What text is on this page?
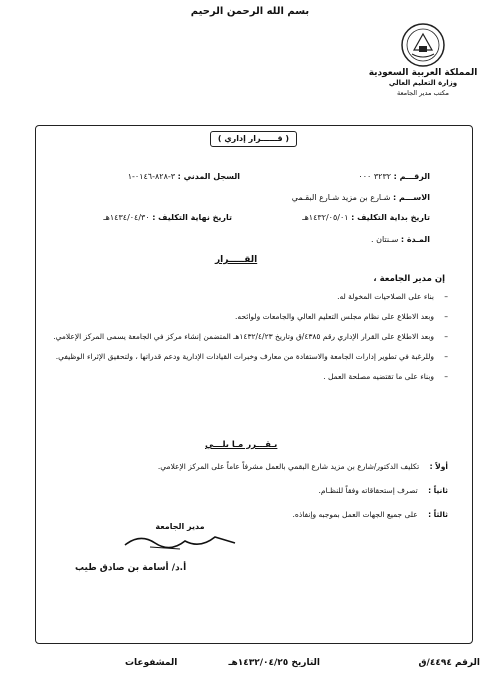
بسم الله الرحمن الرحيم
المملكة العربية السعودية
وزارة التعليم العالي
مكتب مدير الجامعة
( قــــــرار إداري )
الرقـــم : ٣٢٣٢ ٠٠٠
السجل المدني : ٣-٨٢٨-٠١٤٦-١
الاســـم : شـارع بن مزيد شـارع البقـمي
تاريخ بداية التكليف : ١٤٣٢/٠٥/٠١هـ
تاريخ نهاية التكليف : ١٤٣٤/٠٤/٣٠هـ
المـدة : سـنتان .
القـــــرار
إن مدير الجامعة ،
– بناء على الصلاحيات المخولة له.
– وبعد الاطلاع على نظام مجلس التعليم العالي والجامعات ولوائحه.
– وبعد الاطلاع على القرار الإداري رقم ٤٣٨٥/ق وتاريخ ١٤٣٢/٤/٢٣هـ المتضمن إنشاء مركز في الجامعة يسمى المركز الإعلامي.
– وللرغبة في تطوير إدارات الجامعة والاستفادة من معارف وخبرات القيادات الإدارية ودعم قدراتها ، ولتحقيق الإثراء الوظيفي.
– وبناء على ما تقتضيه مصلحة العمل .
يـقـــرر مـا يلـــي
أولاً : تكليف الدكتور/شارع بن مزيد شارع البقمي بالعمل مشرفاً عاماً على المركز الإعلامي.
ثانياً : تصرف إستحقاقاته وفقاً للنظـام.
ثالثاً : على جميع الجهات العمل بموجبه وإنفاذه.
مدير الجامعة
أ.د/ أسامة بن صادق طيب
الرقم ٤٤٩٤/ق
التاريخ ١٤٣٢/٠٤/٢٥هـ
المشفوعات
